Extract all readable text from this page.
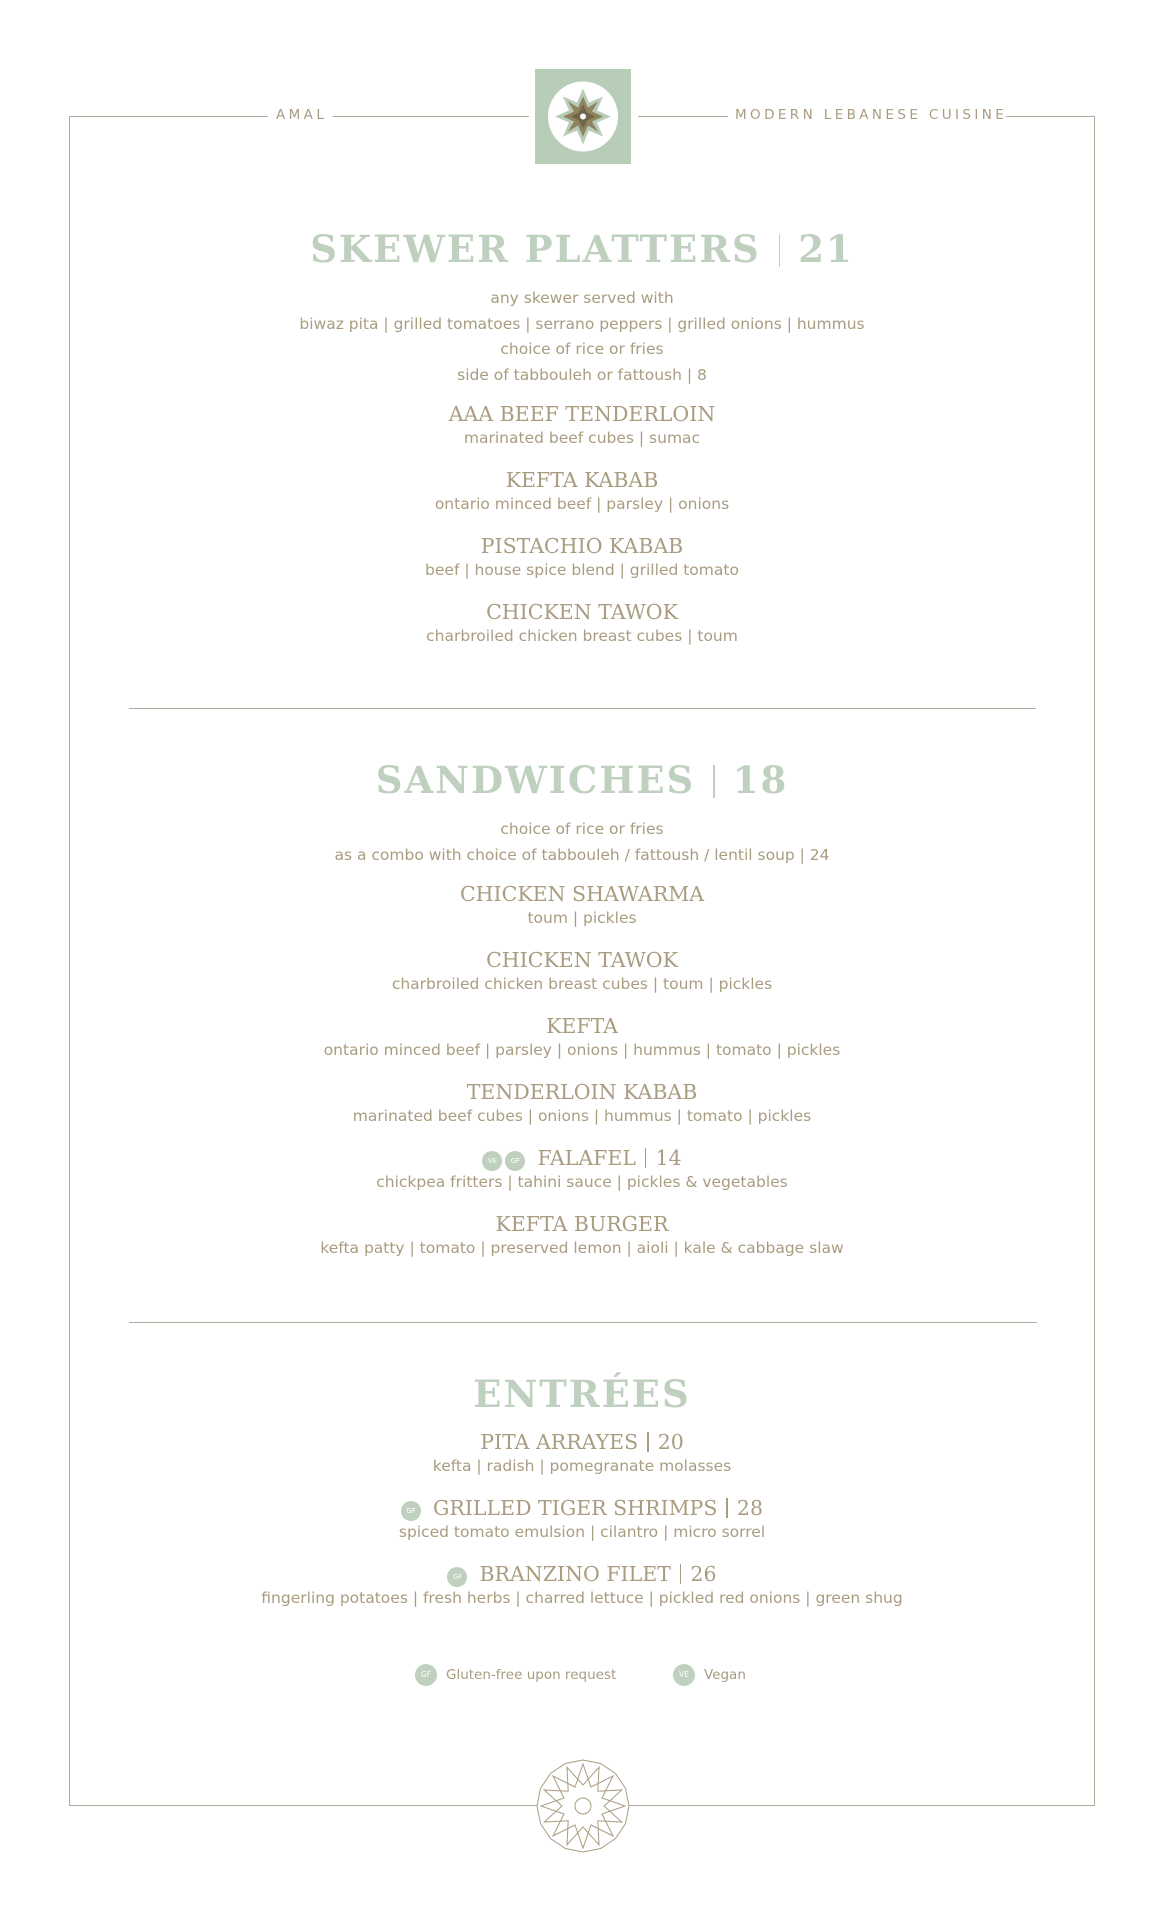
AMAL	MODERN LEBANESE CUISINE
SKEWER PLATTERS 21

any skewer served with

biwaz pita | grilled tomatoes | serrano peppers | grilled onions | hummus

choice of rice or fries

side of tabbouleh or fattoush | 8

AAA BEEF TENDERLOIN

marinated beef cubes | sumac

KEFTA KABAB

ontario minced beef | parsley | onions

PISTACHIO KABAB

beef | house spice blend | grilled tomato

CHICKEN TAWOK

charbroiled chicken breast cubes | toum

SANDWICHES 18

choice of rice or fries

as a combo with choice of tabbouleh / fattoush / lentil soup | 24

CHICKEN SHAWARMA

toum | pickles

CHICKEN TAWOK

charbroiled chicken breast cubes | toum | pickles

KEFTA

ontario minced beef | parsley | onions | hummus | tomato | pickles

TENDERLOIN KABAB

marinated beef cubes | onions | hummus | tomato | pickles

VE GF FALAFEL 14

chickpea fritters | tahini sauce | pickles & vegetables

KEFTA BURGER

kefta patty | tomato | preserved lemon | aioli | kale & cabbage slaw

ENTRÉES

PITA ARRAYES 20

kefta | radish | pomegranate molasses

GF GRILLED TIGER SHRIMPS 28

spiced tomato emulsion | cilantro | micro sorrel

GF BRANZINO FILET 26

fingerling potatoes | fresh herbs | charred lettuce | pickled red onions | green shug

GF	Gluten-free upon request	VE	Vegan
